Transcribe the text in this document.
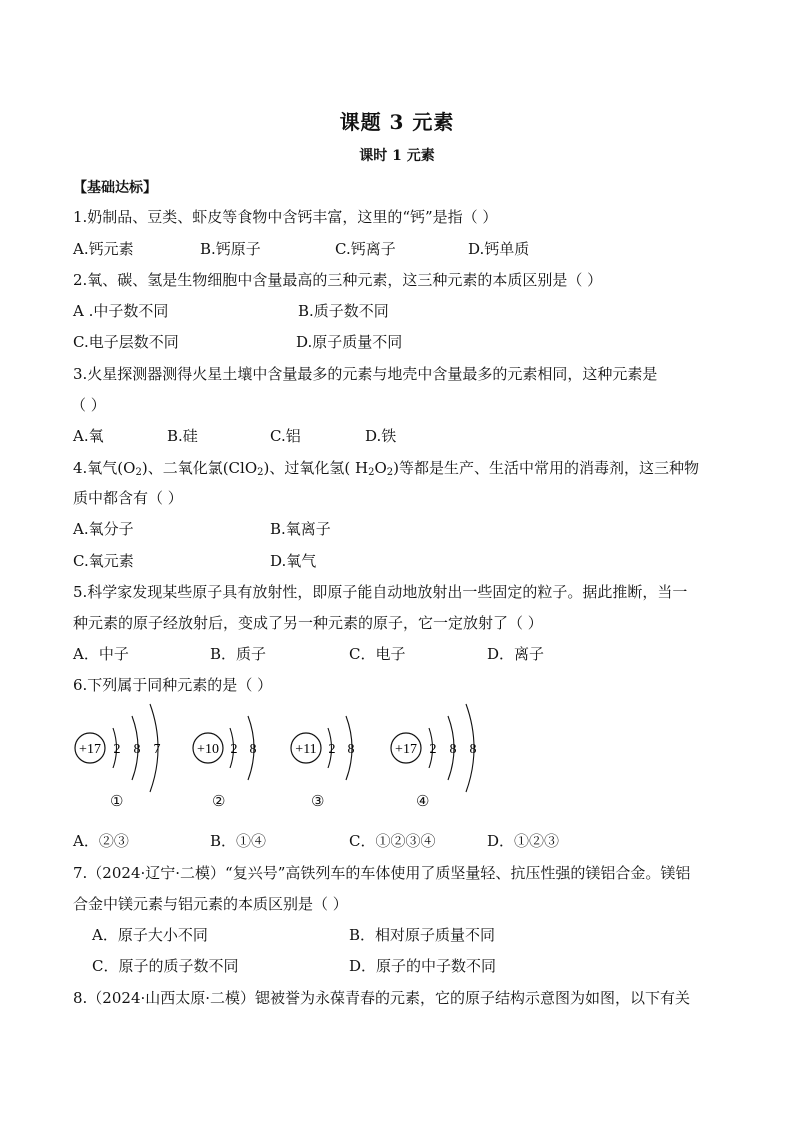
课题 3 元素
课时 1 元素
【基础达标】
1.奶制品、豆类、虾皮等食物中含钙丰富，这里的“钙”是指（ ）
A.钙元素	B.钙原子	C.钙离子	D.钙单质
2.氧、碳、氢是生物细胞中含量最高的三种元素，这三种元素的本质区别是（ ）
A .中子数不同	B.质子数不同
C.电子层数不同	D.原子质量不同
3.火星探测器测得火星土壤中含量最多的元素与地壳中含量最多的元素相同，这种元素是
（ ）
A.氧	B.硅	C.铝	D.铁
4.氧气$(O_2)$、二氧化氯(ClO$_2$)、过氧化氢( $H_2O_2$)等都是生产、生活中常用的消毒剂，这三种物
质中都含有（ ）
A.氧分子	B.氧离子
C.氧元素	D.氧气
5.科学家发现某些原子具有放射性，即原子能自动地放射出一些固定的粒子。据此推断，当一
种元素的原子经放射后，变成了另一种元素的原子，它一定放射了（ ）
A．中子	B．质子	C．电子	D．离子
6.下列属于同种元素的是（ ）
+17 2 8 7
①
+10 2 8
②
+11 2 8
③
+17 2 8 8
④
A．②③	B．①④	C．①②③④	D．①②③
7.（2024·辽宁·二模）“复兴号”高铁列车的车体使用了质坚量轻、抗压性强的镁铝合金。镁铝
合金中镁元素与铝元素的本质区别是（ ）
A．原子大小不同	B．相对原子质量不同
C．原子的质子数不同	D．原子的中子数不同
8.（2024·山西太原·二模）锶被誉为永葆青春的元素，它的原子结构示意图为如图，以下有关
